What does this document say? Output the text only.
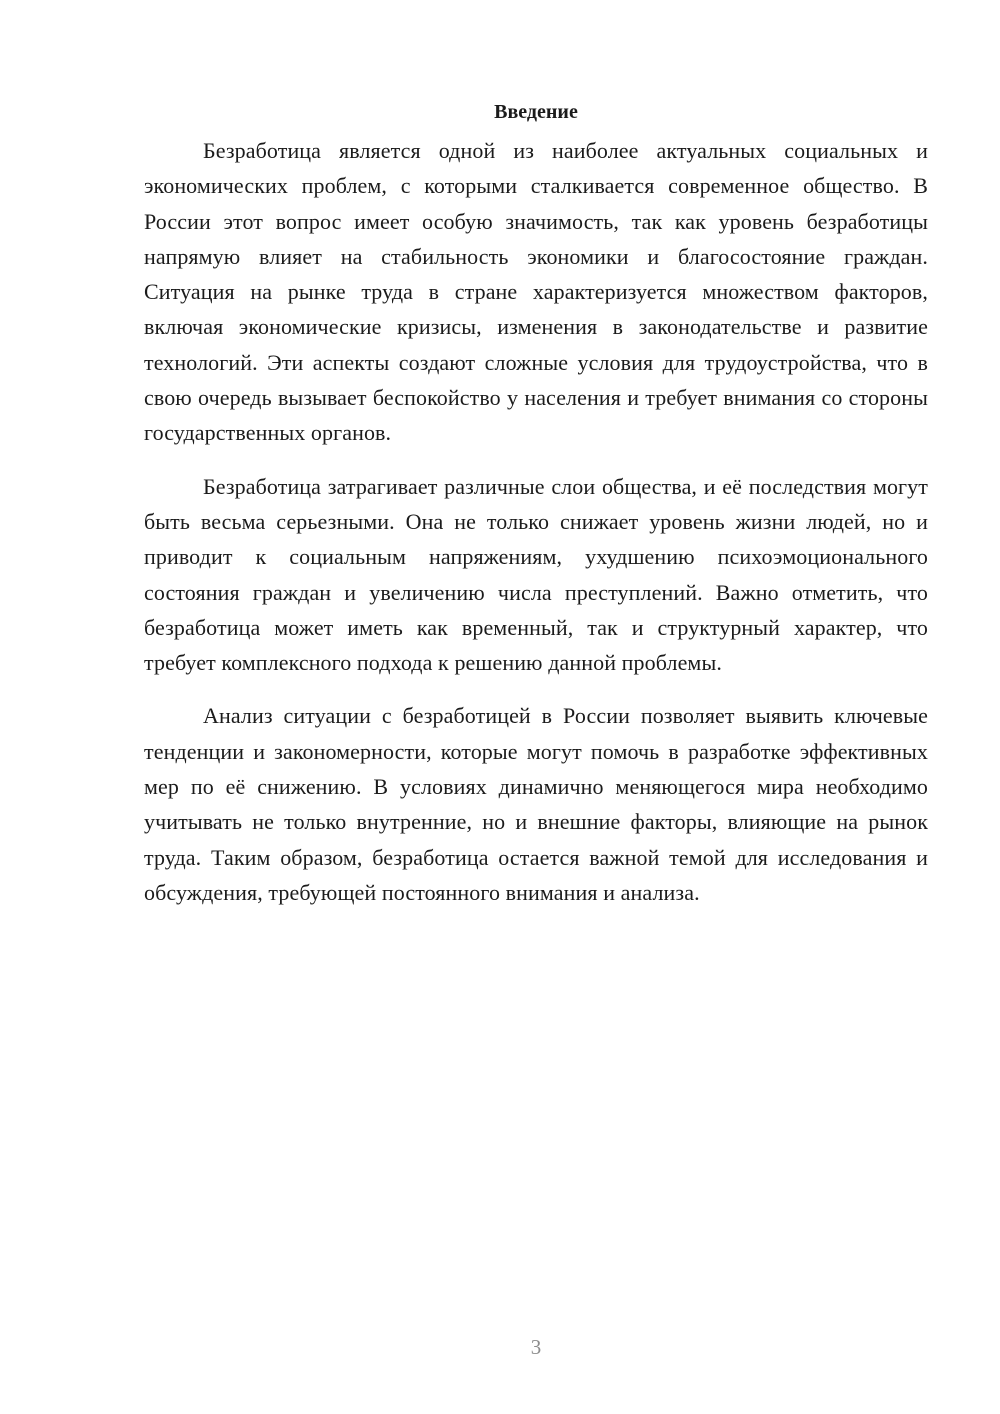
Введение

Безработица является одной из наиболее актуальных социальных и экономических проблем, с которыми сталкивается современное общество. В России этот вопрос имеет особую значимость, так как уровень безработицы напрямую влияет на стабильность экономики и благосостояние граждан. Ситуация на рынке труда в стране характеризуется множеством факторов, включая экономические кризисы, изменения в законодательстве и развитие технологий. Эти аспекты создают сложные условия для трудоустройства, что в свою очередь вызывает беспокойство у населения и требует внимания со стороны государственных органов.

Безработица затрагивает различные слои общества, и её последствия могут быть весьма серьезными. Она не только снижает уровень жизни людей, но и приводит к социальным напряжениям, ухудшению психоэмоционального состояния граждан и увеличению числа преступлений. Важно отметить, что безработица может иметь как временный, так и структурный характер, что требует комплексного подхода к решению данной проблемы.

Анализ ситуации с безработицей в России позволяет выявить ключевые тенденции и закономерности, которые могут помочь в разработке эффективных мер по её снижению. В условиях динамично меняющегося мира необходимо учитывать не только внутренние, но и внешние факторы, влияющие на рынок труда. Таким образом, безработица остается важной темой для исследования и обсуждения, требующей постоянного внимания и анализа.

3
